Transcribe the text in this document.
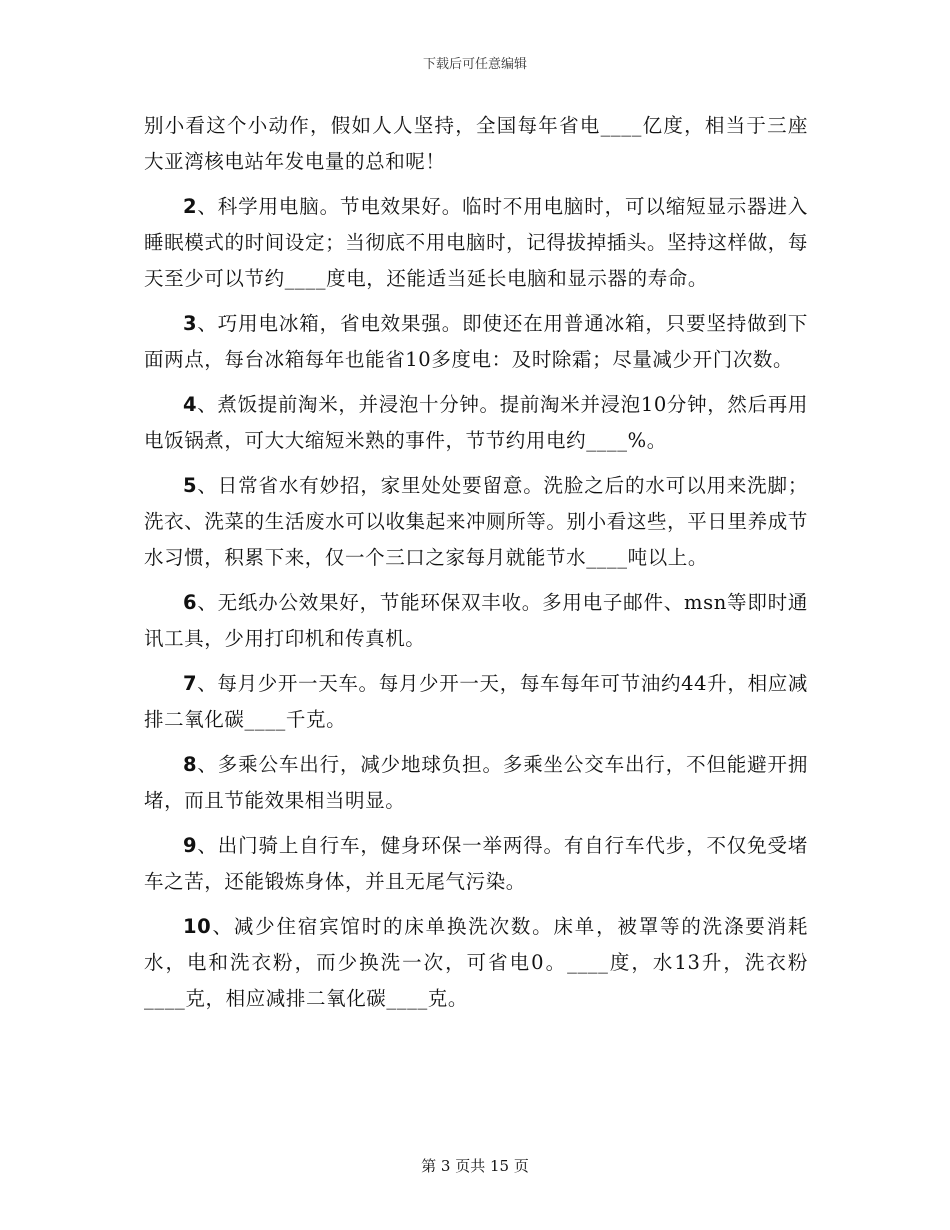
下载后可任意编辑

别小看这个小动作，假如人人坚持，全国每年省电____亿度，相当于三座大亚湾核电站年发电量的总和呢！

2、科学用电脑。节电效果好。临时不用电脑时，可以缩短显示器进入睡眠模式的时间设定；当彻底不用电脑时，记得拔掉插头。坚持这样做，每天至少可以节约____度电，还能适当延长电脑和显示器的寿命。

3、巧用电冰箱，省电效果强。即使还在用普通冰箱，只要坚持做到下面两点，每台冰箱每年也能省10多度电：及时除霜；尽量减少开门次数。

4、煮饭提前淘米，并浸泡十分钟。提前淘米并浸泡10分钟，然后再用电饭锅煮，可大大缩短米熟的事件，节节约用电约____%。

5、日常省水有妙招，家里处处要留意。洗脸之后的水可以用来洗脚；洗衣、洗菜的生活废水可以收集起来冲厕所等。别小看这些，平日里养成节水习惯，积累下来，仅一个三口之家每月就能节水____吨以上。

6、无纸办公效果好，节能环保双丰收。多用电子邮件、msn等即时通讯工具，少用打印机和传真机。

7、每月少开一天车。每月少开一天，每车每年可节油约44升，相应减排二氧化碳____千克。

8、多乘公车出行，减少地球负担。多乘坐公交车出行，不但能避开拥堵，而且节能效果相当明显。

9、出门骑上自行车，健身环保一举两得。有自行车代步，不仅免受堵车之苦，还能锻炼身体，并且无尾气污染。

10、减少住宿宾馆时的床单换洗次数。床单，被罩等的洗涤要消耗水，电和洗衣粉，而少换洗一次，可省电0。____度，水13升，洗衣粉____克，相应减排二氧化碳____克。

第 3 页共 15 页
